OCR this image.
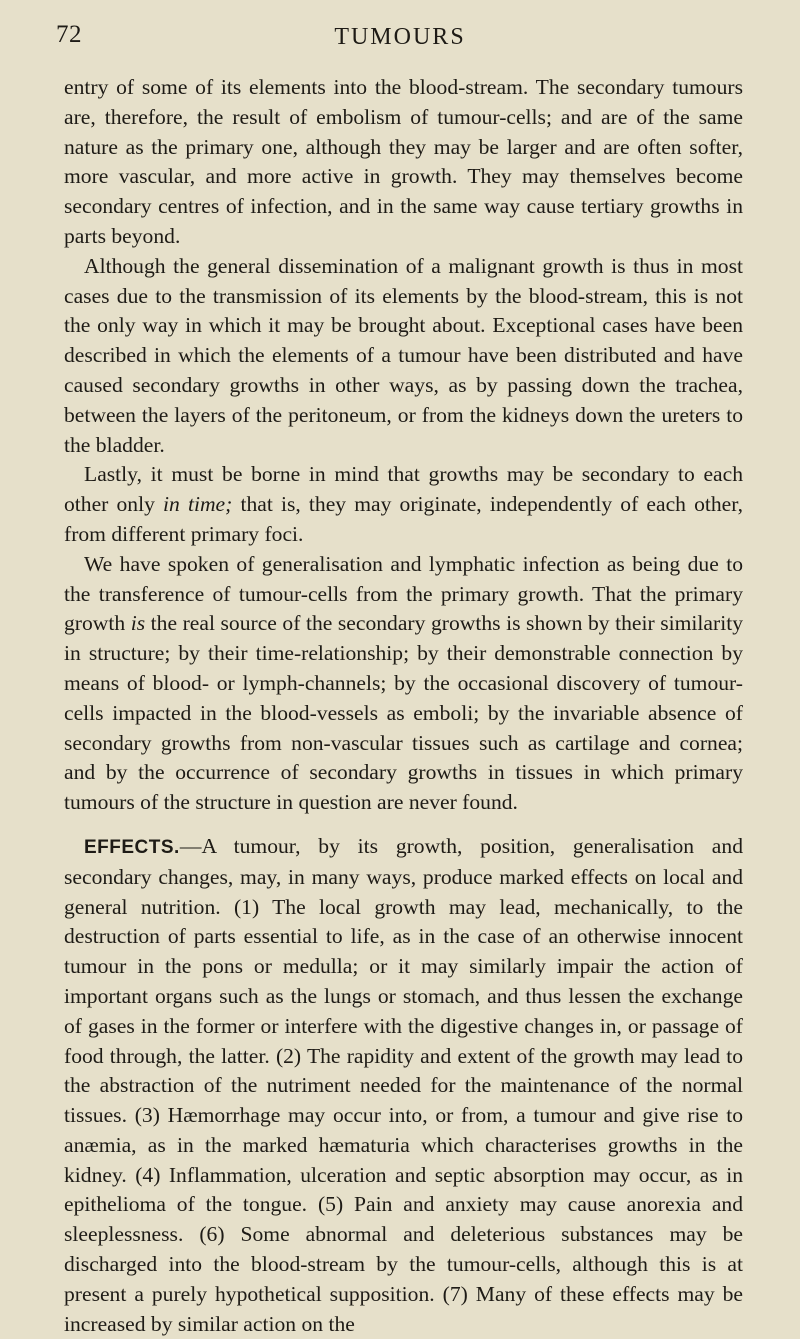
72	TUMOURS

entry of some of its elements into the blood-stream. The secondary tumours are, therefore, the result of embolism of tumour-cells; and are of the same nature as the primary one, although they may be larger and are often softer, more vascular, and more active in growth. They may themselves become secondary centres of infection, and in the same way cause tertiary growths in parts beyond.

Although the general dissemination of a malignant growth is thus in most cases due to the transmission of its elements by the blood-stream, this is not the only way in which it may be brought about. Exceptional cases have been described in which the elements of a tumour have been distributed and have caused secondary growths in other ways, as by passing down the trachea, between the layers of the peritoneum, or from the kidneys down the ureters to the bladder.

Lastly, it must be borne in mind that growths may be secondary to each other only in time; that is, they may originate, independently of each other, from different primary foci.

We have spoken of generalisation and lymphatic infection as being due to the transference of tumour-cells from the primary growth. That the primary growth is the real source of the secondary growths is shown by their similarity in structure; by their time-relationship; by their demonstrable connection by means of blood- or lymph-channels; by the occasional discovery of tumour-cells impacted in the blood-vessels as emboli; by the invariable absence of secondary growths from non-vascular tissues such as cartilage and cornea; and by the occurrence of secondary growths in tissues in which primary tumours of the structure in question are never found.

EFFECTS.—A tumour, by its growth, position, generalisation and secondary changes, may, in many ways, produce marked effects on local and general nutrition. (1) The local growth may lead, mechanically, to the destruction of parts essential to life, as in the case of an otherwise innocent tumour in the pons or medulla; or it may similarly impair the action of important organs such as the lungs or stomach, and thus lessen the exchange of gases in the former or interfere with the digestive changes in, or passage of food through, the latter. (2) The rapidity and extent of the growth may lead to the abstraction of the nutriment needed for the maintenance of the normal tissues. (3) Hæmorrhage may occur into, or from, a tumour and give rise to anæmia, as in the marked hæmaturia which characterises growths in the kidney. (4) Inflammation, ulceration and septic absorption may occur, as in epithelioma of the tongue. (5) Pain and anxiety may cause anorexia and sleeplessness. (6) Some abnormal and deleterious substances may be discharged into the blood-stream by the tumour-cells, although this is at present a purely hypothetical supposition. (7) Many of these effects may be increased by similar action on the
